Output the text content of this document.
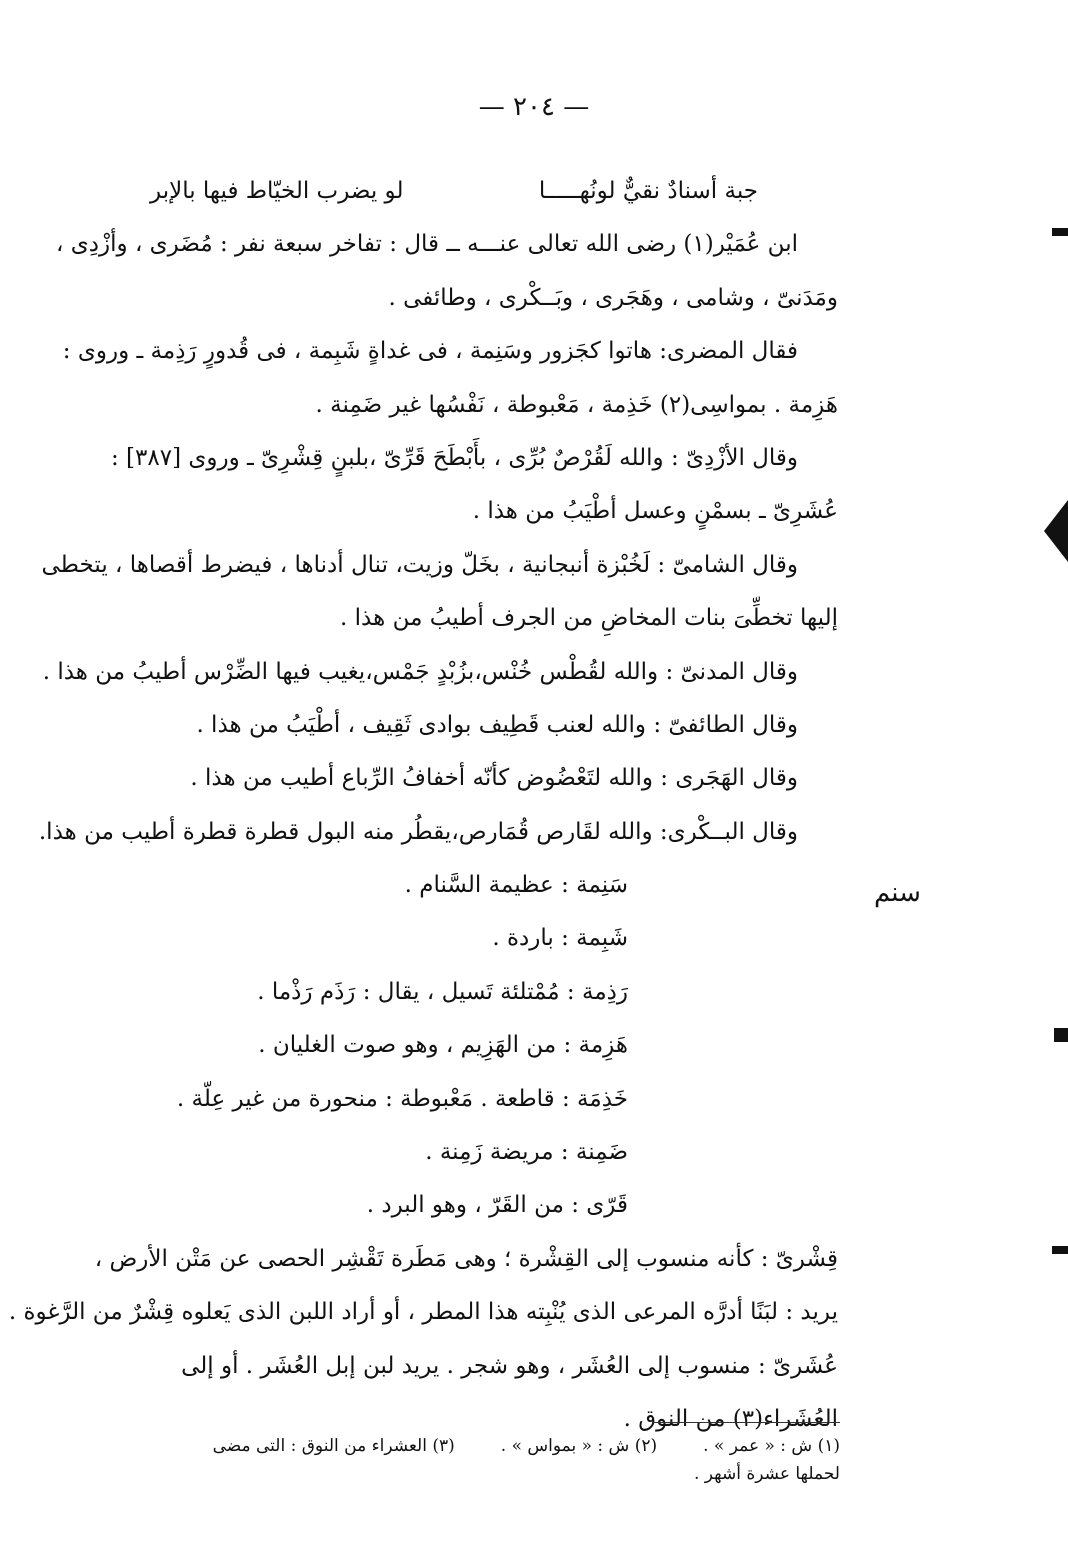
— ٢٠٤ —
جبة أسنادٌ نقيٌّ لونُهـــــا
لو يضرب الخيّاط فيها بالإبر
ابن عُمَيْر(١) رضى الله تعالى عنـــه ــ قال : تفاخر سبعة نفر : مُضَرى ، وأزْدِى ،
ومَدَنىّ ، وشامى ، وهَجَرى ، وبَــكْرى ، وطائفى .
فقال المضرى: هاتوا كجَزور وسَنِمة ، فى غداةٍ شَبِمة ، فى قُدورٍ رَذِمة ـ وروى :
هَزِمة . بمواسِى(٢) خَذِمة ، مَعْبوطة ، نَفْسُها غير ضَمِنة .
وقال الأزْدِىّ : والله لَقُرْصٌ بُرِّى ، بأَبْطَحَ قَرِّىّ ،بلبنٍ قِشْرِىّ ـ وروى [٣٨٧] :
عُشَرِىّ ـ بسمْنٍ وعسل أطْيَبُ من هذا .
وقال الشامىّ : لَخُبْزة أنبجانية ، بخَلّ وزيت، تنال أدناها ، فيضرط أقصاها ، يتخطى
إليها تخطِّىَ بنات المخاضِ من الجرف أطيبُ من هذا .
وقال المدنىّ : والله لقُطْس خُنْس،بزُبْدٍ جَمْس،يغيب فيها الضِّرْس أطيبُ من هذا .
وقال الطائفىّ : والله لعنب قَطِيف بوادى ثَقِيف ، أطْيَبُ من هذا .
وقال الهَجَرى : والله لتَعْضُوض كأنّه أخفافُ الرِّباع أطيب من هذا .
وقال البــكْرى: والله لقَارص قُمَارص،يقطُر منه البول قطرة قطرة أطيب من هذا.
سَنِمة : عظيمة السَّنام .
شَبِمة : باردة .
رَذِمة : مُمْتلئة تَسيل ، يقال : رَذَم رَذْما .
هَزِمة : من الهَزِيم ، وهو صوت الغليان .
خَذِمَة : قاطعة . مَعْبوطة : منحورة من غير عِلّة .
ضَمِنة : مريضة زَمِنة .
قَرّى : من القَرّ ، وهو البرد .
قِشْرىّ : كأنه منسوب إلى القِشْرة ؛ وهى مَطَرة تَقْشِر الحصى عن مَتْن الأرض ،
يريد : لبَنًا أدرَّه المرعى الذى يُنْبِته هذا المطر ، أو أراد اللبن الذى يَعلوه قِشْرٌ من الرَّغوة .
عُشَرىّ : منسوب إلى العُشَر ، وهو شجر . يريد لبن إبل العُشَر . أو إلى
العُشَراء(٣) من النوق .
سنم
(١) ش : « عمر » .
(٢) ش : « بمواس » .
(٣) العشراء من النوق : التى مضى
لحملها عشرة أشهر .
